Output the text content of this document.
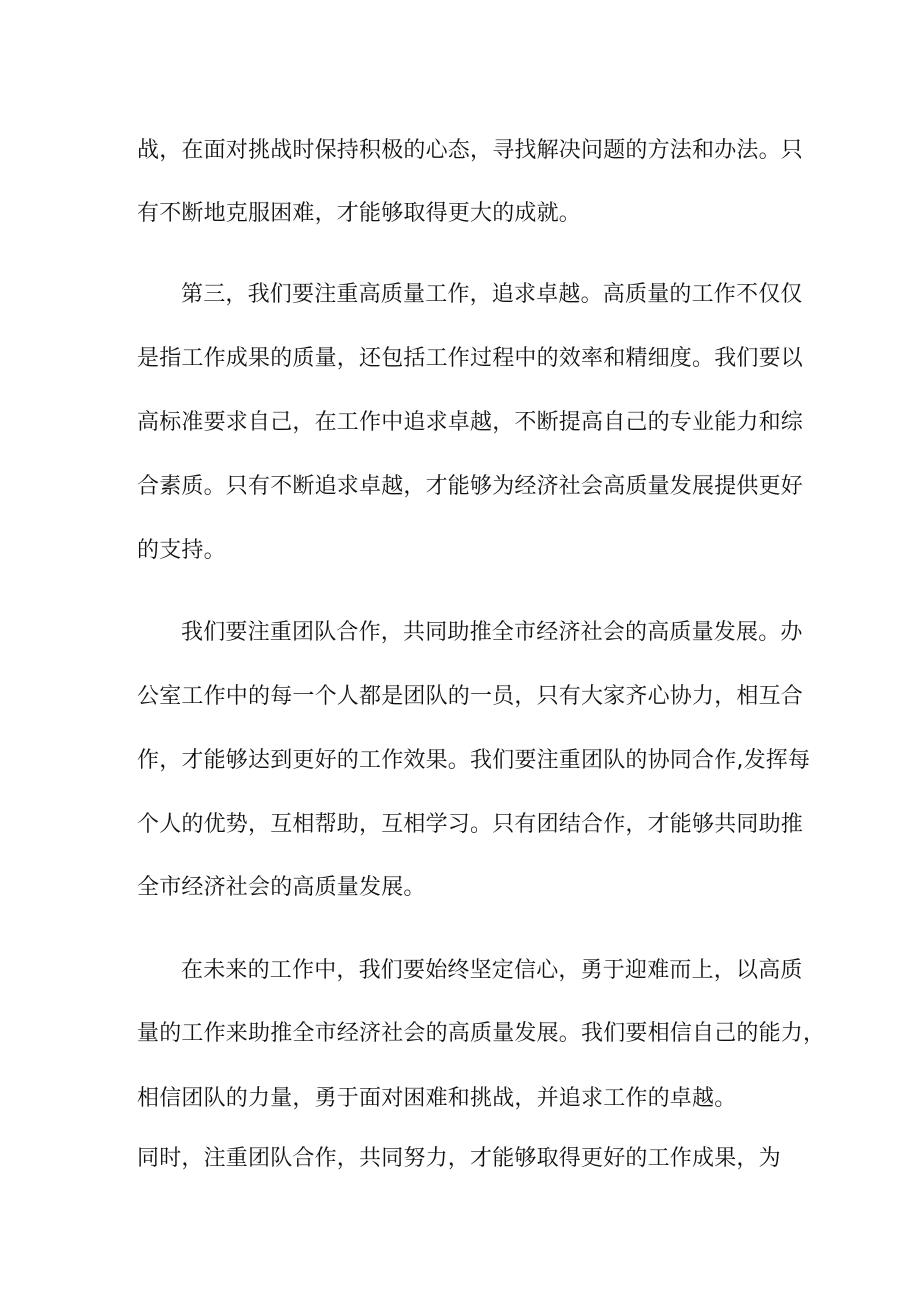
战，在面对挑战时保持积极的心态，寻找解决问题的方法和办法。只
有不断地克服困难，才能够取得更大的成就。
第三，我们要注重高质量工作，追求卓越。高质量的工作不仅仅
是指工作成果的质量，还包括工作过程中的效率和精细度。我们要以
高标准要求自己，在工作中追求卓越，不断提高自己的专业能力和综
合素质。只有不断追求卓越，才能够为经济社会高质量发展提供更好
的支持。
我们要注重团队合作，共同助推全市经济社会的高质量发展。办
公室工作中的每一个人都是团队的一员，只有大家齐心协力，相互合
作，才能够达到更好的工作效果。我们要注重团队的协同合作,发挥每
个人的优势，互相帮助，互相学习。只有团结合作，才能够共同助推
全市经济社会的高质量发展。
在未来的工作中，我们要始终坚定信心，勇于迎难而上，以高质
量的工作来助推全市经济社会的高质量发展。我们要相信自己的能力，
相信团队的力量，勇于面对困难和挑战，并追求工作的卓越。
同时，注重团队合作，共同努力，才能够取得更好的工作成果，为
